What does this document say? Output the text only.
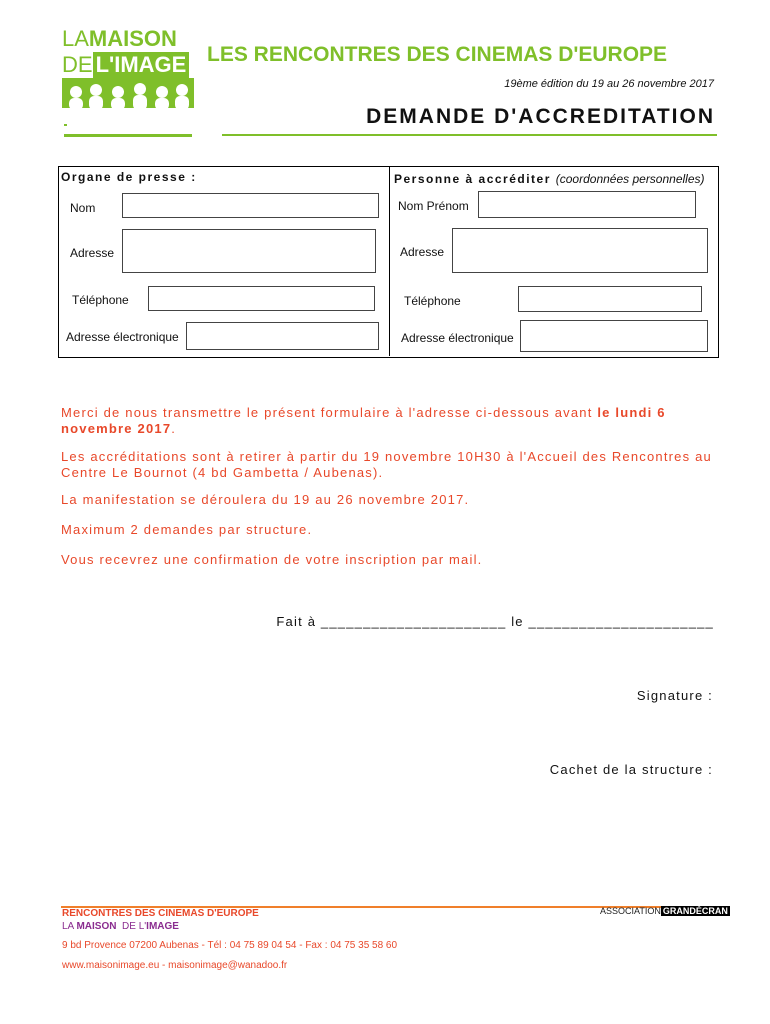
LAMAISON
DE L'IMAGE LES RENCONTRES DES CINEMAS D'EUROPE
19ème édition du 19 au 26 novembre 2017
DEMANDE D'ACCREDITATION
Organe de presse :	Personne à accréditer (coordonnées personnelles)
Nom
Adresse
Téléphone
Adresse électronique
Nom Prénom
Adresse
Téléphone
Adresse électronique
Merci de nous transmettre le présent formulaire à l'adresse ci-dessous avant le lundi 6 novembre 2017.
Les accréditations sont à retirer à partir du 19 novembre 10H30 à l'Accueil des Rencontres au Centre Le Bournot (4 bd Gambetta / Aubenas).
La manifestation se déroulera du 19 au 26 novembre 2017.
Maximum 2 demandes par structure.
Vous recevrez une confirmation de votre inscription par mail.
Fait à ______________________ le ______________________
Signature :
Cachet de la structure :
RENCONTRES DES CINEMAS D'EUROPE
LA MAISON DE L'IMAGE
9 bd Provence 07200 Aubenas - Tél : 04 75 89 04 54 - Fax : 04 75 35 58 60
www.maisonimage.eu - maisonimage@wanadoo.fr
ASSOCIATION GRANDÉCRAN
